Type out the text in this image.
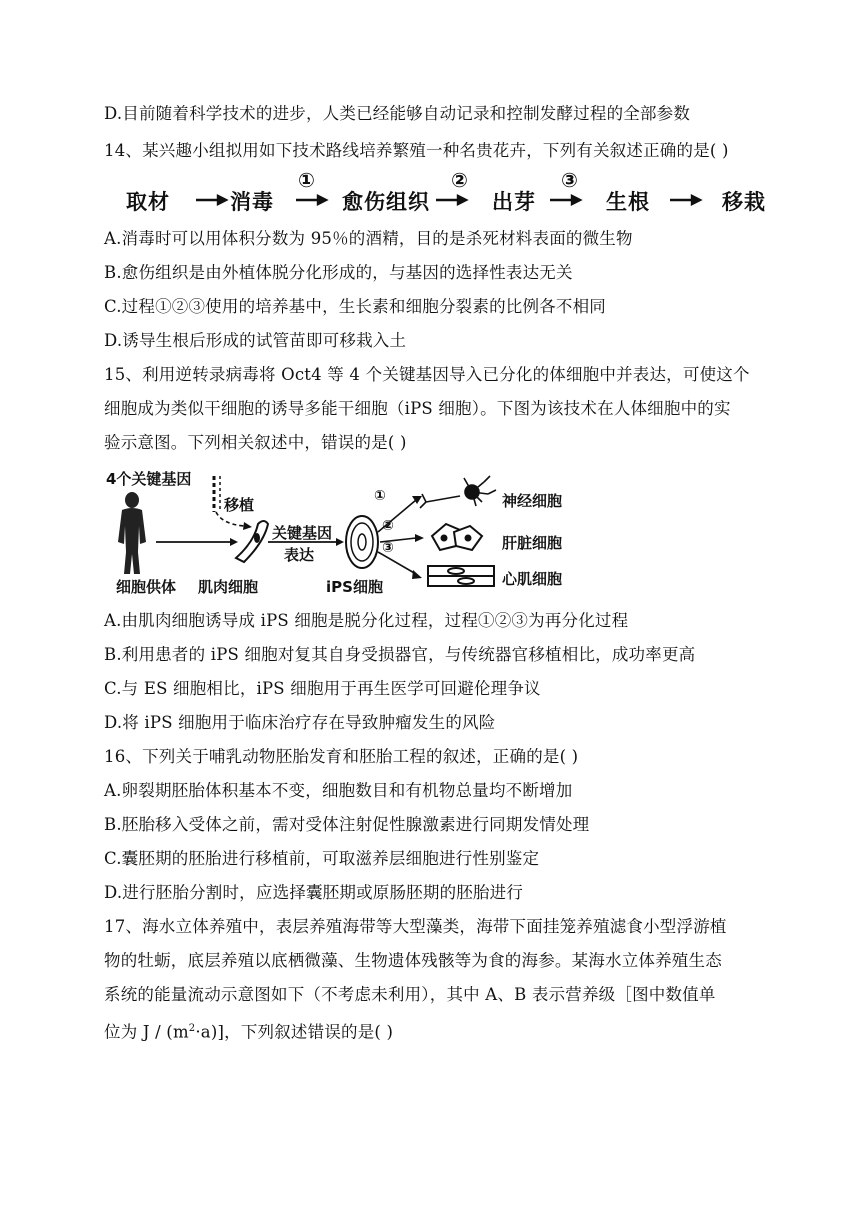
D.目前随着科学技术的进步，人类已经能够自动记录和控制发酵过程的全部参数
14、某兴趣小组拟用如下技术路线培养繁殖一种名贵花卉，下列有关叙述正确的是( )
取材	消毒	愈伤组织	出芽	生根	移栽
①	②	③
A.消毒时可以用体积分数为 95％的酒精，目的是杀死材料表面的微生物
B.愈伤组织是由外植体脱分化形成的，与基因的选择性表达无关
C.过程①②③使用的培养基中，生长素和细胞分裂素的比例各不相同
D.诱导生根后形成的试管苗即可移栽入土
15、利用逆转录病毒将 Oct4 等 4 个关键基因导入已分化的体细胞中并表达，可使这个
细胞成为类似干细胞的诱导多能干细胞（iPS 细胞）。下图为该技术在人体细胞中的实
验示意图。下列相关叙述中，错误的是( )
4个关键基因
移植
关键基因
表达
细胞供体 肌肉细胞	iPS细胞
神经细胞
肝脏细胞
心肌细胞
①
②
③
A.由肌肉细胞诱导成 iPS 细胞是脱分化过程，过程①②③为再分化过程
B.利用患者的 iPS 细胞对复其自身受损器官，与传统器官移植相比，成功率更高
C.与 ES 细胞相比，iPS 细胞用于再生医学可回避伦理争议
D.将 iPS 细胞用于临床治疗存在导致肿瘤发生的风险
16、下列关于哺乳动物胚胎发育和胚胎工程的叙述，正确的是( )
A.卵裂期胚胎体积基本不变，细胞数目和有机物总量均不断增加
B.胚胎移入受体之前，需对受体注射促性腺激素进行同期发情处理
C.囊胚期的胚胎进行移植前，可取滋养层细胞进行性别鉴定
D.进行胚胎分割时，应选择囊胚期或原肠胚期的胚胎进行
17、海水立体养殖中，表层养殖海带等大型藻类，海带下面挂笼养殖滤食小型浮游植
物的牡蛎，底层养殖以底栖微藻、生物遗体残骸等为食的海参。某海水立体养殖生态
系统的能量流动示意图如下（不考虑未利用），其中 A、B 表示营养级［图中数值单
位为 $J / (m^2\cdot a)$]，下列叙述错误的是( )
